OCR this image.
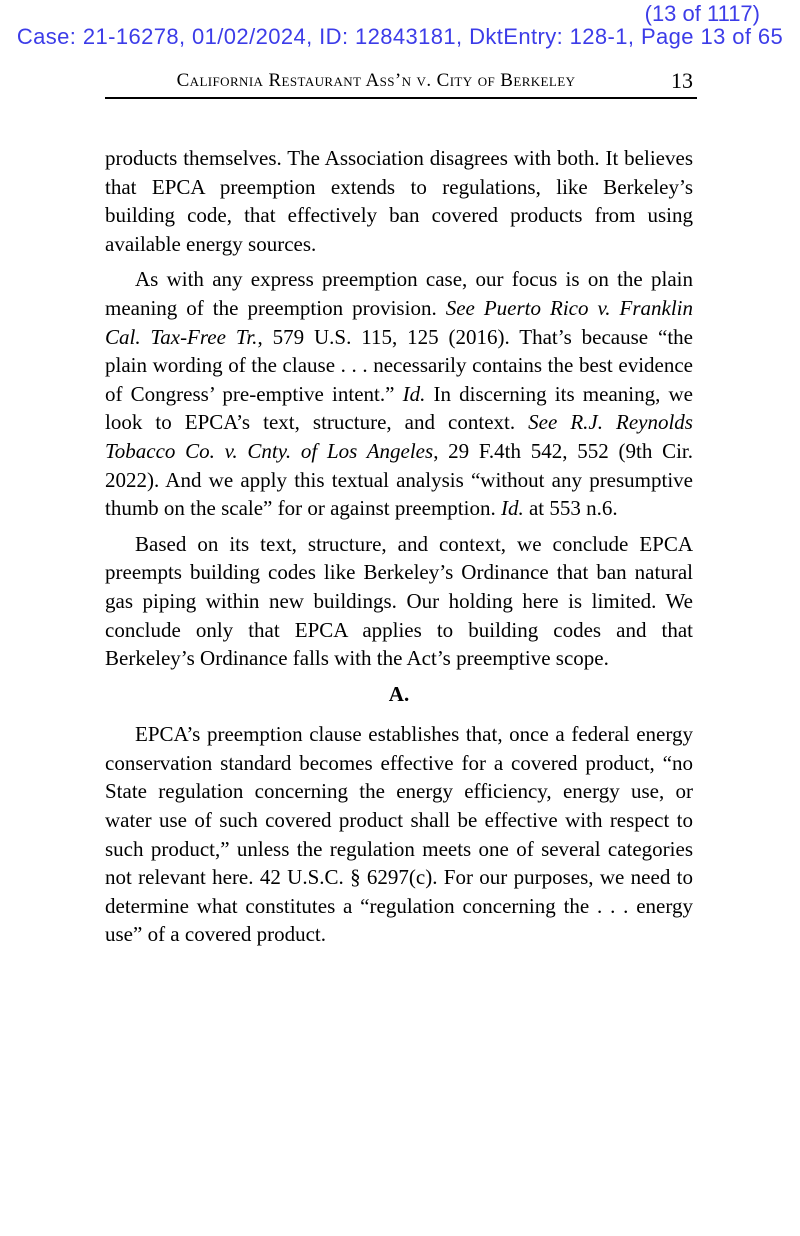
(13 of 1117)
Case: 21-16278, 01/02/2024, ID: 12843181, DktEntry: 128-1, Page 13 of 65
California Restaurant Ass’n v. City of Berkeley	13

products themselves. The Association disagrees with both. It believes that EPCA preemption extends to regulations, like Berkeley’s building code, that effectively ban covered products from using available energy sources.

As with any express preemption case, our focus is on the plain meaning of the preemption provision. See Puerto Rico v. Franklin Cal. Tax-Free Tr., 579 U.S. 115, 125 (2016). That’s because “the plain wording of the clause . . . necessarily contains the best evidence of Congress’ pre-emptive intent.” Id. In discerning its meaning, we look to EPCA’s text, structure, and context. See R.J. Reynolds Tobacco Co. v. Cnty. of Los Angeles, 29 F.4th 542, 552 (9th Cir. 2022). And we apply this textual analysis “without any presumptive thumb on the scale” for or against preemption. Id. at 553 n.6.

Based on its text, structure, and context, we conclude EPCA preempts building codes like Berkeley’s Ordinance that ban natural gas piping within new buildings. Our holding here is limited. We conclude only that EPCA applies to building codes and that Berkeley’s Ordinance falls with the Act’s preemptive scope.

A.

EPCA’s preemption clause establishes that, once a federal energy conservation standard becomes effective for a covered product, “no State regulation concerning the energy efficiency, energy use, or water use of such covered product shall be effective with respect to such product,” unless the regulation meets one of several categories not relevant here. 42 U.S.C. § 6297(c). For our purposes, we need to determine what constitutes a “regulation concerning the . . . energy use” of a covered product.
